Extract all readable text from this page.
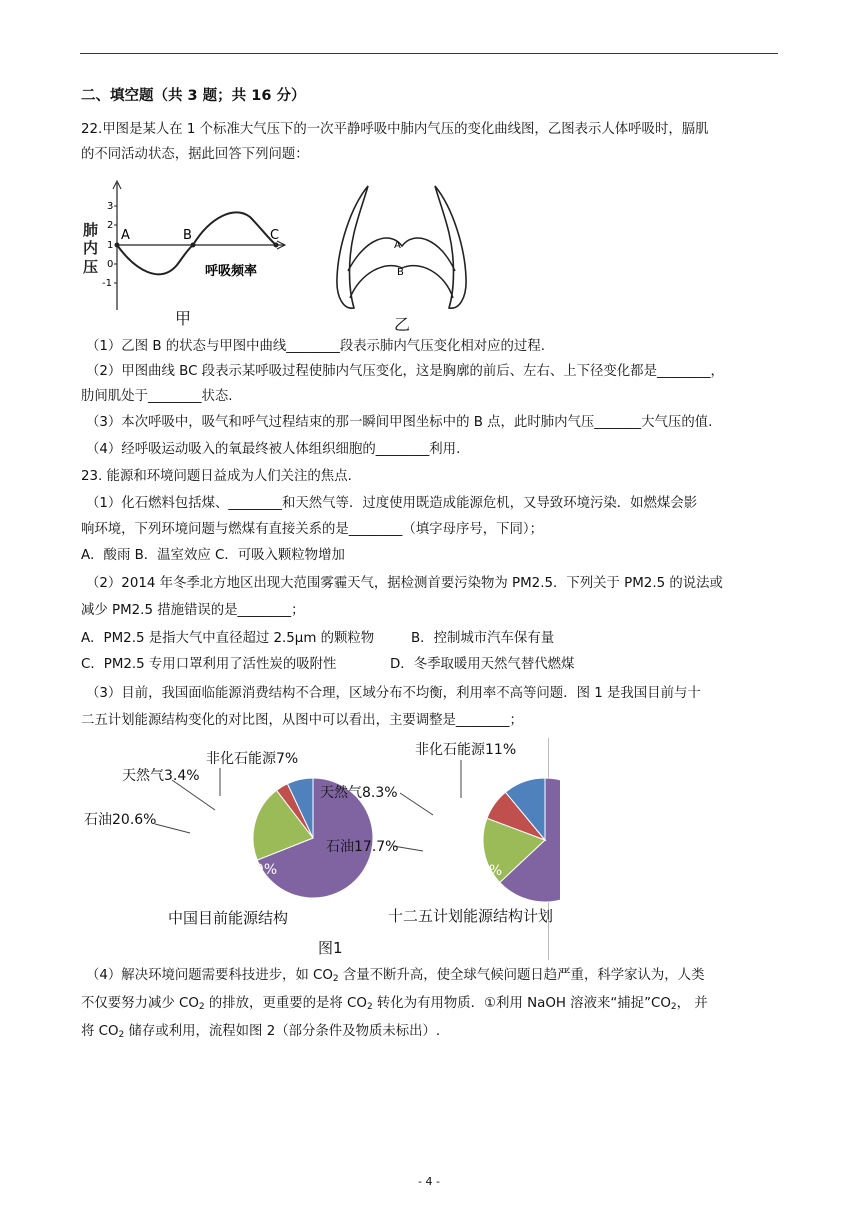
二、填空题（共 3 题；共 16 分）
22.甲图是某人在 1 个标准大气压下的一次平静呼吸中肺内气压的变化曲线图，乙图表示人体呼吸时，膈肌
的不同活动状态，据此回答下列问题：
3
2
1
0
-1
肺
内
压
A	B	C
呼吸频率
甲
A
B
乙
（1）乙图 B 的状态与甲图中曲线________段表示肺内气压变化相对应的过程.
（2）甲图曲线 BC 段表示某呼吸过程使肺内气压变化，这是胸廓的前后、左右、上下径变化都是________，
肋间肌处于________状态.
（3）本次呼吸中，吸气和呼气过程结束的那一瞬间甲图坐标中的 B 点，此时肺内气压_______大气压的值.
（4）经呼吸运动吸入的氧最终被人体组织细胞的________利用.
23. 能源和环境问题日益成为人们关注的焦点.
（1）化石燃料包括煤、________和天然气等．过度使用既造成能源危机，又导致环境污染．如燃煤会影
响环境，下列环境问题与燃煤有直接关系的是________（填字母序号，下同）；
A．酸雨 B．温室效应 C．可吸入颗粒物增加
（2）2014 年冬季北方地区出现大范围雾霾天气，据检测首要污染物为 PM2.5．下列关于 PM2.5 的说法或
减少 PM2.5 措施错误的是________；
A．PM2.5 是指大气中直径超过 2.5μm 的颗粒物	B．控制城市汽车保有量
C．PM2.5 专用口罩利用了活性炭的吸附性	D．冬季取暖用天然气替代燃煤
（3）目前，我国面临能源消费结构不合理，区域分布不均衡，利用率不高等问题．图 1 是我国目前与十
二五计划能源结构变化的对比图，从图中可以看出，主要调整是________；
煤炭69%
石油20.6%
天然气3.4%
非化石能源7%
中国目前能源结构
煤炭63%
石油17.7%
天然气8.3%
非化石能源11%
十二五计划能源结构计划
图1
（4）解决环境问题需要科技进步，如 $CO_2$ 含量不断升高，使全球气候问题日趋严重，科学家认为，人类
不仅要努力减少 $CO_2$ 的排放，更重要的是将 $CO_2$ 转化为有用物质．①利用 NaOH 溶液来“捕捉$”CO_2$， 并
将 $CO_2$ 储存或利用，流程如图 2（部分条件及物质未标出）.
- 4 -
